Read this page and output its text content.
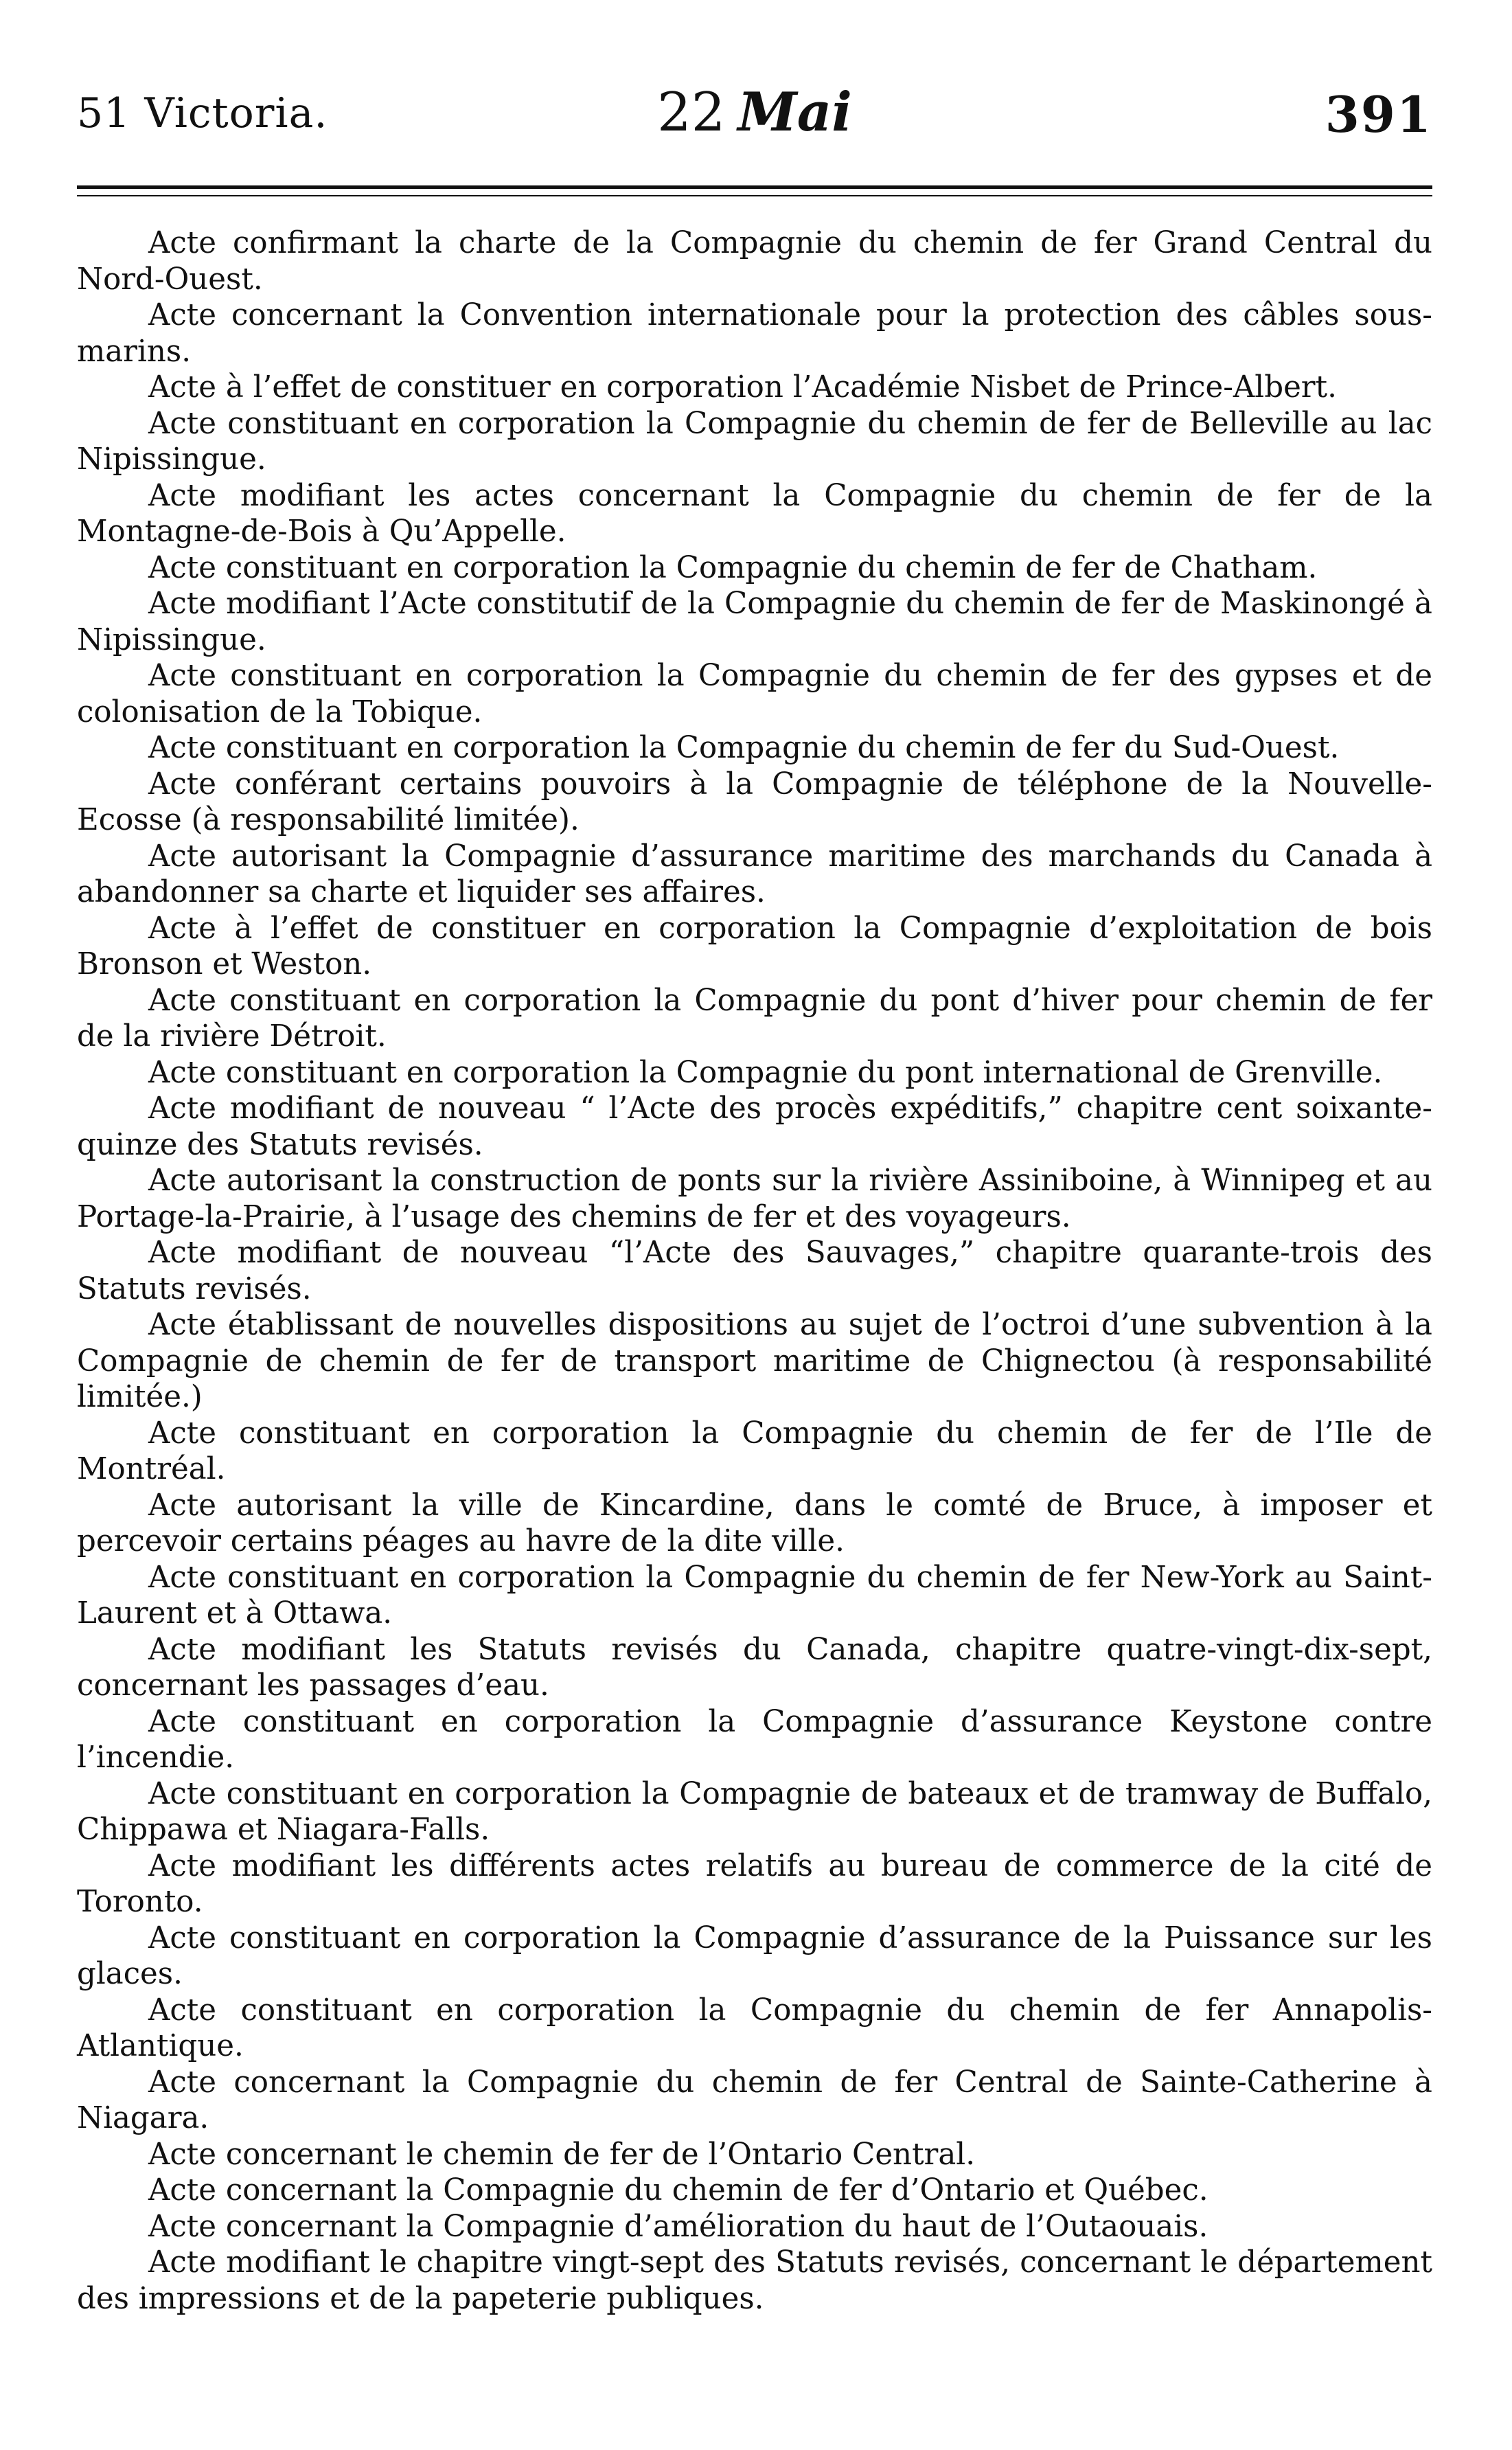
51 Victoria.	22 Mai	391

Acte confirmant la charte de la Compagnie du chemin de fer Grand Central du Nord-Ouest.

Acte concernant la Convention internationale pour la protection des câbles sous-marins.

Acte à l’effet de constituer en corporation l’Académie Nisbet de Prince-Albert.

Acte constituant en corporation la Compagnie du chemin de fer de Belleville au lac Nipissingue.

Acte modifiant les actes concernant la Compagnie du chemin de fer de la Montagne-de-Bois à Qu’Appelle.

Acte constituant en corporation la Compagnie du chemin de fer de Chatham.

Acte modifiant l’Acte constitutif de la Compagnie du chemin de fer de Maskinongé à Nipissingue.

Acte constituant en corporation la Compagnie du chemin de fer des gypses et de colonisation de la Tobique.

Acte constituant en corporation la Compagnie du chemin de fer du Sud-Ouest.

Acte conférant certains pouvoirs à la Compagnie de téléphone de la Nouvelle-Ecosse (à responsabilité limitée).

Acte autorisant la Compagnie d’assurance maritime des marchands du Canada à abandonner sa charte et liquider ses affaires.

Acte à l’effet de constituer en corporation la Compagnie d’exploitation de bois Bronson et Weston.

Acte constituant en corporation la Compagnie du pont d’hiver pour chemin de fer de la rivière Détroit.

Acte constituant en corporation la Compagnie du pont international de Grenville.

Acte modifiant de nouveau “ l’Acte des procès expéditifs,” chapitre cent soixante-quinze des Statuts revisés.

Acte autorisant la construction de ponts sur la rivière Assiniboine, à Winnipeg et au Portage-la-Prairie, à l’usage des chemins de fer et des voyageurs.

Acte modifiant de nouveau “l’Acte des Sauvages,” chapitre quarante-trois des Statuts revisés.

Acte établissant de nouvelles dispositions au sujet de l’octroi d’une subvention à la Compagnie de chemin de fer de transport maritime de Chignectou (à responsabilité limitée.)

Acte constituant en corporation la Compagnie du chemin de fer de l’Ile de Montréal.

Acte autorisant la ville de Kincardine, dans le comté de Bruce, à imposer et percevoir certains péages au havre de la dite ville.

Acte constituant en corporation la Compagnie du chemin de fer New-York au Saint-Laurent et à Ottawa.

Acte modifiant les Statuts revisés du Canada, chapitre quatre-vingt-dix-sept, concernant les passages d’eau.

Acte constituant en corporation la Compagnie d’assurance Keystone contre l’incendie.

Acte constituant en corporation la Compagnie de bateaux et de tramway de Buffalo, Chippawa et Niagara-Falls.

Acte modifiant les différents actes relatifs au bureau de commerce de la cité de Toronto.

Acte constituant en corporation la Compagnie d’assurance de la Puissance sur les glaces.

Acte constituant en corporation la Compagnie du chemin de fer Annapolis-Atlantique.

Acte concernant la Compagnie du chemin de fer Central de Sainte-Catherine à Niagara.

Acte concernant le chemin de fer de l’Ontario Central.

Acte concernant la Compagnie du chemin de fer d’Ontario et Québec.

Acte concernant la Compagnie d’amélioration du haut de l’Outaouais.

Acte modifiant le chapitre vingt-sept des Statuts revisés, concernant le département des impressions et de la papeterie publiques.
